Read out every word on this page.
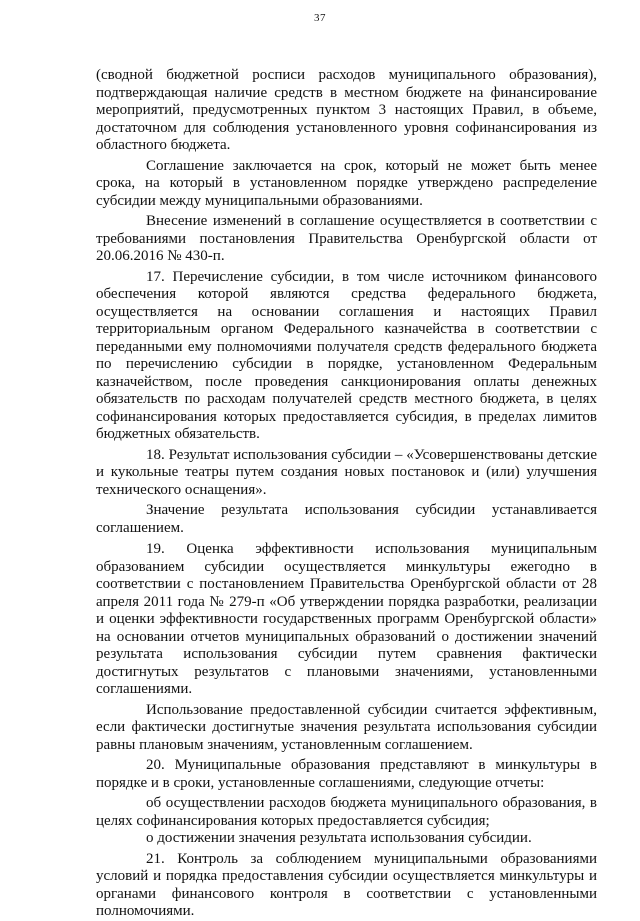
37

(сводной бюджетной росписи расходов муниципального образования), подтверждающая наличие средств в местном бюджете на финансирование мероприятий, предусмотренных пунктом 3 настоящих Правил, в объеме, достаточном для соблюдения установленного уровня софинансирования из областного бюджета.

Соглашение заключается на срок, который не может быть менее срока, на который в установленном порядке утверждено распределение субсидии между муниципальными образованиями.

Внесение изменений в соглашение осуществляется в соответствии с требованиями постановления Правительства Оренбургской области от 20.06.2016 № 430-п.

17. Перечисление субсидии, в том числе источником финансового обеспечения которой являются средства федерального бюджета, осуществляется на основании соглашения и настоящих Правил территориальным органом Федерального казначейства в соответствии с переданными ему полномочиями получателя средств федерального бюджета по перечислению субсидии в порядке, установленном Федеральным казначейством, после проведения санкционирования оплаты денежных обязательств по расходам получателей средств местного бюджета, в целях софинансирования которых предоставляется субсидия, в пределах лимитов бюджетных обязательств.

18. Результат использования субсидии – «Усовершенствованы детские и кукольные театры путем создания новых постановок и (или) улучшения технического оснащения».

Значение результата использования субсидии устанавливается соглашением.

19. Оценка эффективности использования муниципальным образованием субсидии осуществляется минкультуры ежегодно в соответствии с постановлением Правительства Оренбургской области от 28 апреля 2011 года № 279-п «Об утверждении порядка разработки, реализации и оценки эффективности государственных программ Оренбургской области» на основании отчетов муниципальных образований о достижении значений результата использования субсидии путем сравнения фактически достигнутых результатов с плановыми значениями, установленными соглашениями.

Использование предоставленной субсидии считается эффективным, если фактически достигнутые значения результата использования субсидии равны плановым значениям, установленным соглашением.

20. Муниципальные образования представляют в минкультуры в порядке и в сроки, установленные соглашениями, следующие отчеты:

об осуществлении расходов бюджета муниципального образования, в целях софинансирования которых предоставляется субсидия;

о достижении значения результата использования субсидии.

21. Контроль за соблюдением муниципальными образованиями условий и порядка предоставления субсидии осуществляется минкультуры и органами финансового контроля в соответствии с установленными полномочиями.
